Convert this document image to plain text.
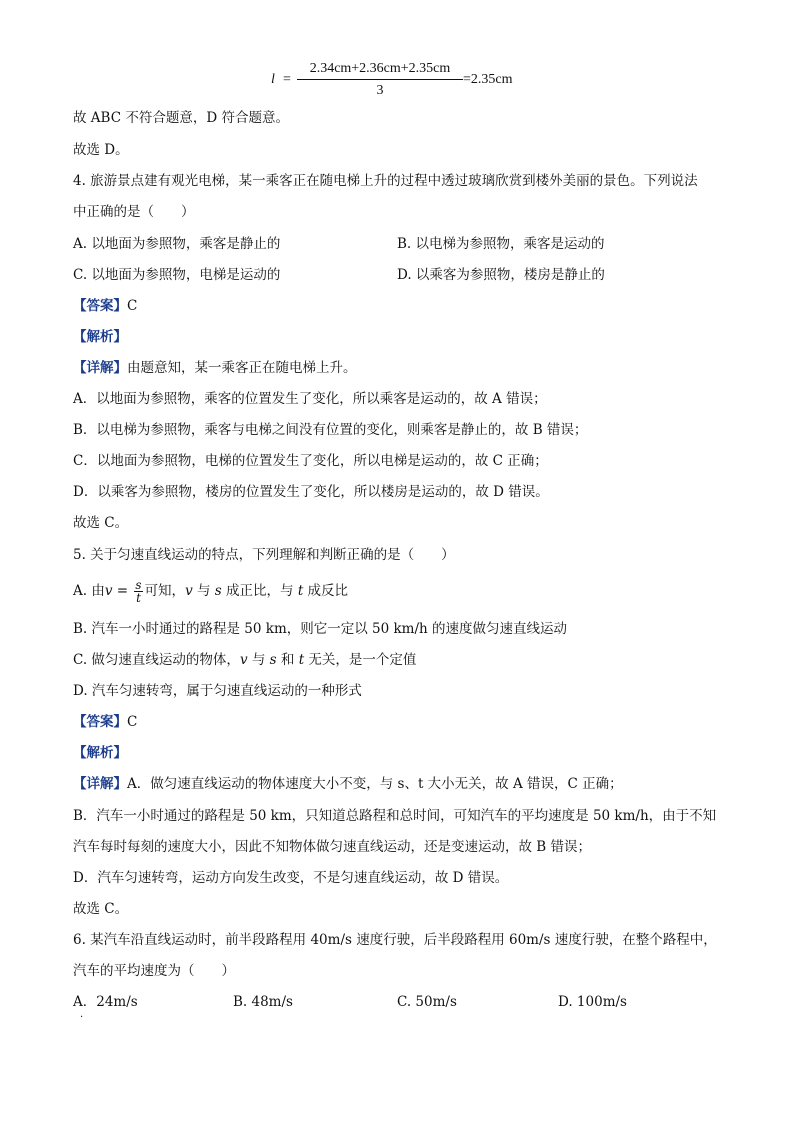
l =
2.34cm+2.36cm+2.35cm
3
=2.35cm
故 ABC 不符合题意，D 符合题意。
故选 D。
4. 旅游景点建有观光电梯，某一乘客正在随电梯上升的过程中透过玻璃欣赏到楼外美丽的景色。下列说法
中正确的是（　　）
A. 以地面为参照物，乘客是静止的	B. 以电梯为参照物，乘客是运动的
C. 以地面为参照物，电梯是运动的	D. 以乘客为参照物，楼房是静止的
【答案】C
【解析】
【详解】由题意知，某一乘客正在随电梯上升。
A．以地面为参照物，乘客的位置发生了变化，所以乘客是运动的，故 A 错误；
B．以电梯为参照物，乘客与电梯之间没有位置的变化，则乘客是静止的，故 B 错误；
C．以地面为参照物，电梯的位置发生了变化，所以电梯是运动的，故 C 正确；
D．以乘客为参照物，楼房的位置发生了变化，所以楼房是运动的，故 D 错误。
故选 C。
5. 关于匀速直线运动的特点，下列理解和判断正确的是（　　）
A. 由$v = \frac{s}{t}$ 可知，v 与 s 成正比，与 t 成反比
B. 汽车一小时通过的路程是 50 km，则它一定以 50 km/h 的速度做匀速直线运动
C. 做匀速直线运动的物体，v 与 s 和 t 无关，是一个定值
D. 汽车匀速转弯，属于匀速直线运动的一种形式
【答案】C
【解析】
【详解】A．做匀速直线运动的物体速度大小不变，与 s、t 大小无关，故 A 错误，C 正确；
B．汽车一小时通过的路程是 50 km，只知道总路程和总时间，可知汽车的平均速度是 50 km/h，由于不知
汽车每时每刻的速度大小，因此不知物体做匀速直线运动，还是变速运动，故 B 错误；
D．汽车匀速转弯，运动方向发生改变，不是匀速直线运动，故 D 错误。
故选 C。
6. 某汽车沿直线运动时，前半段路程用 40m/s 速度行驶，后半段路程用 60m/s 速度行驶，在整个路程中，
汽车的平均速度为（　　）
A．24m/s	B. 48m/s	C. 50m/s	D. 100m/s
·
